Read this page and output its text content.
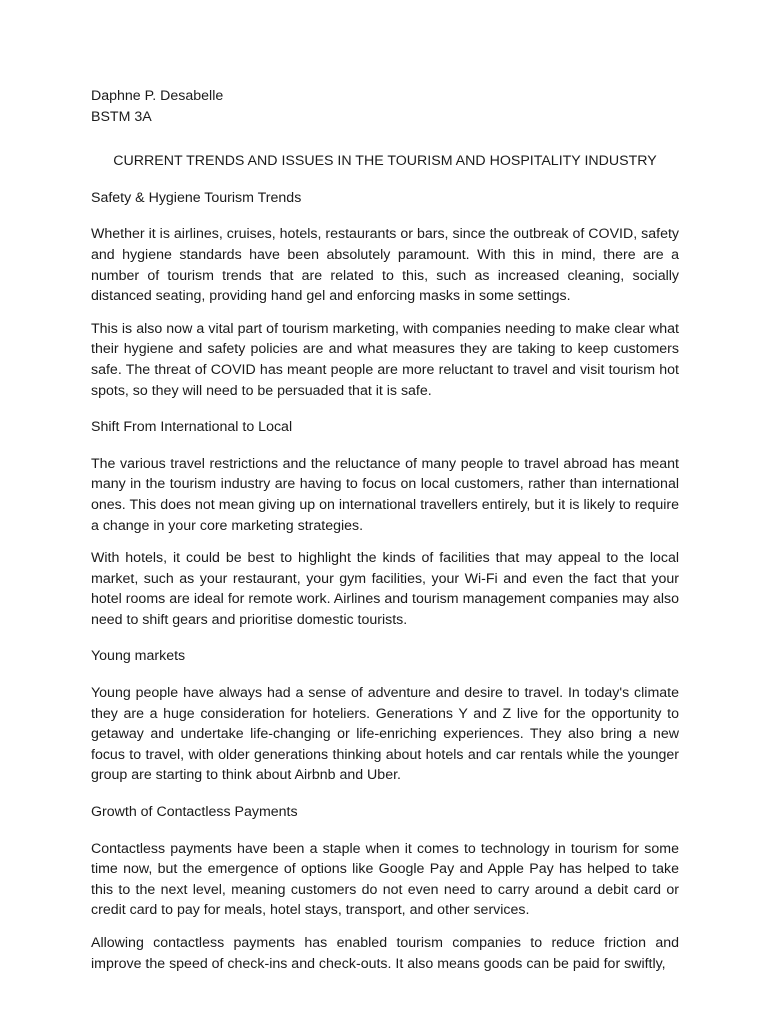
Daphne P. Desabelle

BSTM 3A

CURRENT TRENDS AND ISSUES IN THE TOURISM AND HOSPITALITY INDUSTRY

Safety & Hygiene Tourism Trends

Whether it is airlines, cruises, hotels, restaurants or bars, since the outbreak of COVID, safety and hygiene standards have been absolutely paramount. With this in mind, there are a number of tourism trends that are related to this, such as increased cleaning, socially distanced seating, providing hand gel and enforcing masks in some settings.

This is also now a vital part of tourism marketing, with companies needing to make clear what their hygiene and safety policies are and what measures they are taking to keep customers safe. The threat of COVID has meant people are more reluctant to travel and visit tourism hot spots, so they will need to be persuaded that it is safe.

Shift From International to Local

The various travel restrictions and the reluctance of many people to travel abroad has meant many in the tourism industry are having to focus on local customers, rather than international ones. This does not mean giving up on international travellers entirely, but it is likely to require a change in your core marketing strategies.

With hotels, it could be best to highlight the kinds of facilities that may appeal to the local market, such as your restaurant, your gym facilities, your Wi-Fi and even the fact that your hotel rooms are ideal for remote work. Airlines and tourism management companies may also need to shift gears and prioritise domestic tourists.

Young markets

Young people have always had a sense of adventure and desire to travel. In today's climate they are a huge consideration for hoteliers. Generations Y and Z live for the opportunity to getaway and undertake life-changing or life-enriching experiences. They also bring a new focus to travel, with older generations thinking about hotels and car rentals while the younger group are starting to think about Airbnb and Uber.

Growth of Contactless Payments

Contactless payments have been a staple when it comes to technology in tourism for some time now, but the emergence of options like Google Pay and Apple Pay has helped to take this to the next level, meaning customers do not even need to carry around a debit card or credit card to pay for meals, hotel stays, transport, and other services.

Allowing contactless payments has enabled tourism companies to reduce friction and improve the speed of check-ins and check-outs. It also means goods can be paid for swiftly,
